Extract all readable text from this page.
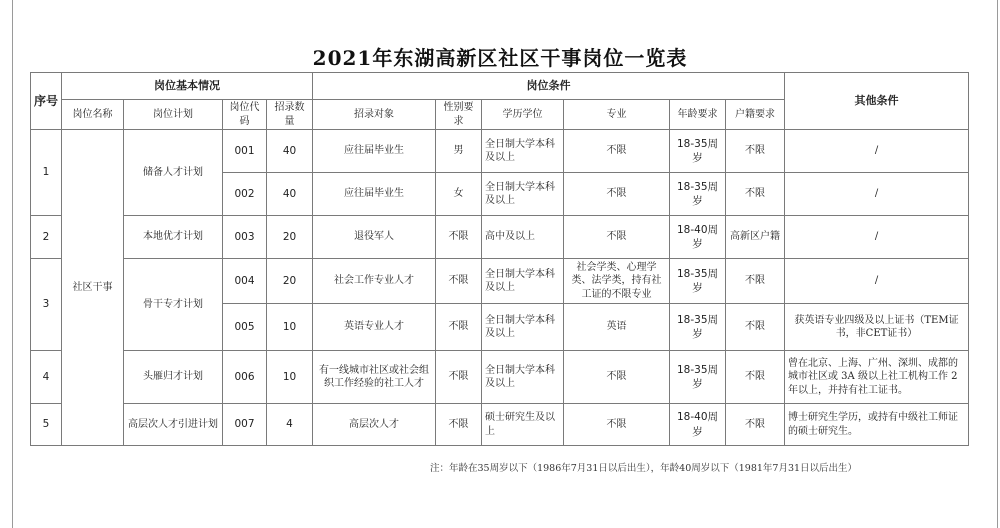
2021年东湖高新区社区干事岗位一览表
序号	岗位基本情况				岗位条件						其他条件
	岗位名称	岗位计划	岗位代码	招录数量	招录对象	性别要求	学历学位	专业	年龄要求	户籍要求	
1	社区干事	储备人才计划	001	40	应往届毕业生	男	全日制大学本科及以上	不限	18-35周岁	不限	/
			002	40	应往届毕业生	女	全日制大学本科及以上	不限	18-35周岁	不限	/
2		本地优才计划	003	20	退役军人	不限	高中及以上	不限	18-40周岁	高新区户籍	/
3		骨干专才计划	004	20	社会工作专业人才	不限	全日制大学本科及以上	社会学类、心理学类、法学类，持有社工证的不限专业	18-35周岁	不限	/
			005	10	英语专业人才	不限	全日制大学本科及以上	英语	18-35周岁	不限	获英语专业四级及以上证书（TEM证书，非CET证书）
4		头雁归才计划	006	10	有一线城市社区或社会组织工作经验的社工人才	不限	全日制大学本科及以上	不限	18-35周岁	不限	曾在北京、上海、广州、深圳、成都的城市社区或 3A 级以上社工机构工作 2 年以上，并持有社工证书。
5		高层次人才引进计划	007	4	高层次人才	不限	硕士研究生及以上	不限	18-40周岁	不限	博士研究生学历，或持有中级社工师证的硕士研究生。
注：年龄在35周岁以下（1986年7月31日以后出生），年龄40周岁以下（1981年7月31日以后出生）
